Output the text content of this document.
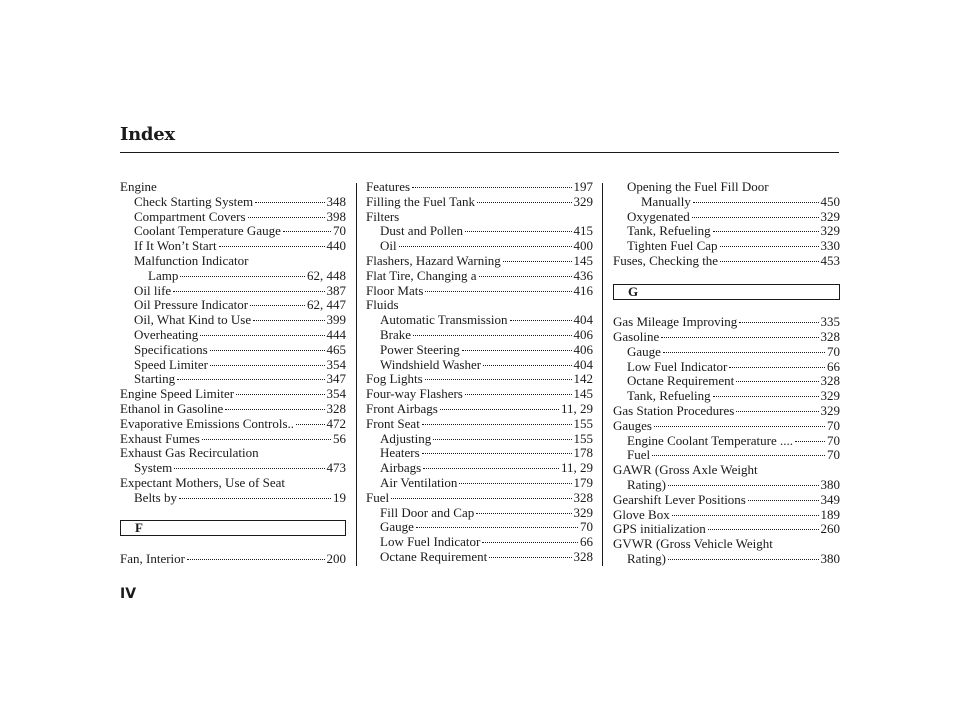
Index
Engine
Check Starting System	348
Compartment Covers	398
Coolant Temperature Gauge	70
If It Won’t Start	440
Malfunction Indicator
Lamp	62, 448
Oil life	387
Oil Pressure Indicator	62, 447
Oil, What Kind to Use	399
Overheating	444
Specifications	465
Speed Limiter	354
Starting	347
Engine Speed Limiter	354
Ethanol in Gasoline	328
Evaporative Emissions Controls.. 472
Exhaust Fumes	56
Exhaust Gas Recirculation
System	473
Expectant Mothers, Use of Seat
Belts by	19
F
Fan, Interior	200
Features	197
Filling the Fuel Tank	329
Filters
Dust and Pollen	415
Oil	400
Flashers, Hazard Warning	145
Flat Tire, Changing a	436
Floor Mats	416
Fluids
Automatic Transmission	404
Brake	406
Power Steering	406
Windshield Washer	404
Fog Lights	142
Four-way Flashers	145
Front Airbags	11, 29
Front Seat	155
Adjusting	155
Heaters	178
Airbags	11, 29
Air Ventilation	179
Fuel	328
Fill Door and Cap	329
Gauge	70
Low Fuel Indicator	66
Octane Requirement	328
Opening the Fuel Fill Door
Manually	450
Oxygenated	329
Tank, Refueling	329
Tighten Fuel Cap	330
Fuses, Checking the	453
G
Gas Mileage Improving	335
Gasoline	328
Gauge	70
Low Fuel Indicator	66
Octane Requirement	328
Tank, Refueling	329
Gas Station Procedures	329
Gauges	70
Engine Coolant Temperature ....	70
Fuel	70
GAWR (Gross Axle Weight
Rating)	380
Gearshift Lever Positions	349
Glove Box	189
GPS initialization	260
GVWR (Gross Vehicle Weight
Rating)	380

IV
